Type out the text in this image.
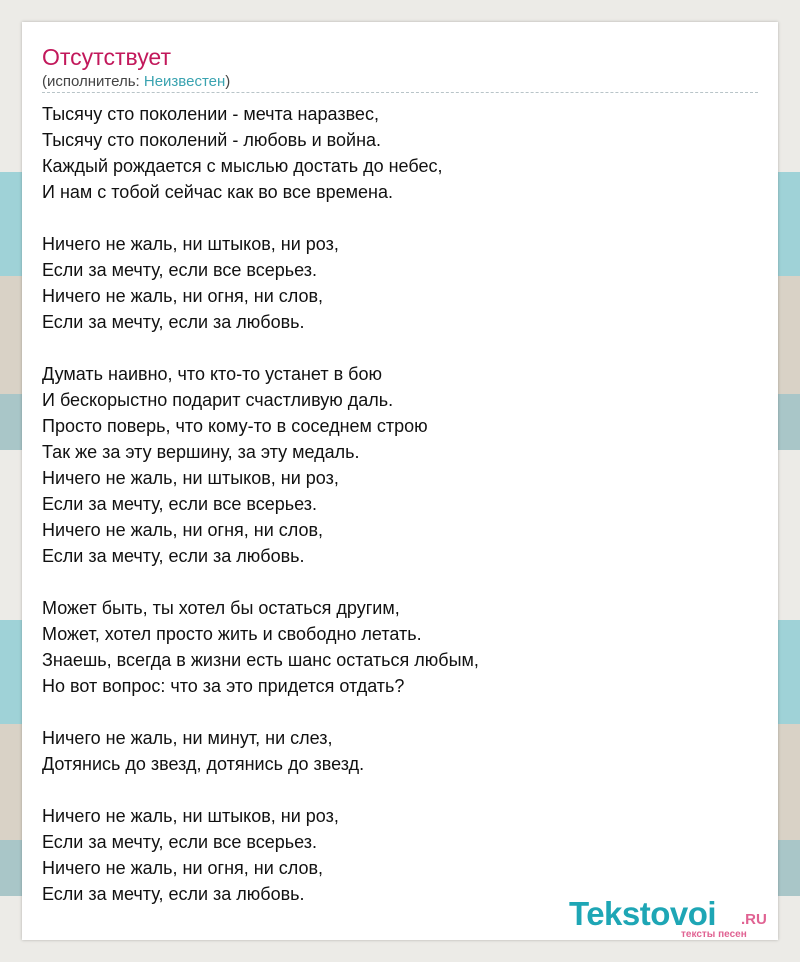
Отсутствует
(исполнитель: Неизвестен)
Тысячу сто поколении - мечта наразвес,
Тысячу сто поколений - любовь и война.
Каждый рождается с мыслью достать до небес,
И нам с тобой сейчас как во все времена.
Ничего не жаль, ни штыков, ни роз,
Если за мечту, если все всерьез.
Ничего не жаль, ни огня, ни слов,
Если за мечту, если за любовь.
Думать наивно, что кто-то устанет в бою
И бескорыстно подарит счастливую даль.
Просто поверь, что кому-то в соседнем строю
Так же за эту вершину, за эту медаль.
Ничего не жаль, ни штыков, ни роз,
Если за мечту, если все всерьез.
Ничего не жаль, ни огня, ни слов,
Если за мечту, если за любовь.
Может быть, ты хотел бы остаться другим,
Может, хотел просто жить и свободно летать.
Знаешь, всегда в жизни есть шанс остаться любым,
Но вот вопрос: что за это придется отдать?
Ничего не жаль, ни минут, ни слез,
Дотянись до звезд, дотянись до звезд.
Ничего не жаль, ни штыков, ни роз,
Если за мечту, если все всерьез.
Ничего не жаль, ни огня, ни слов,
Если за мечту, если за любовь.
Tekstovoi .RU
тексты песен
